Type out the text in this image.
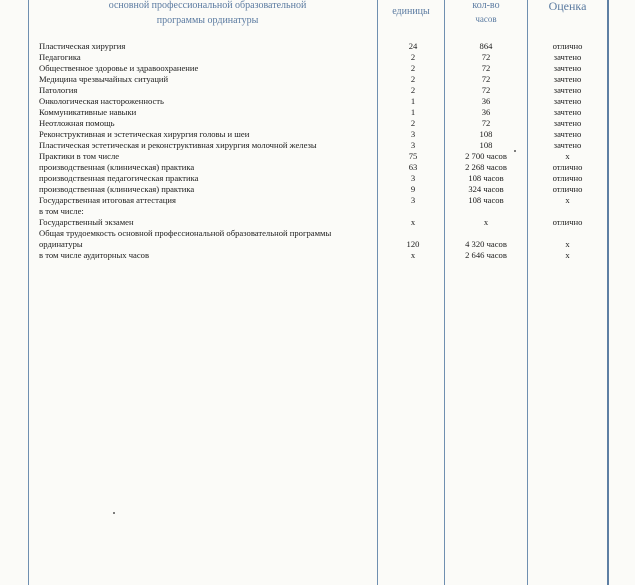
основной профессиональной образовательной
программы ординатуры
единицы
кол-во
часов
Оценка
Пластическая хирургия	24	864	отлично
Педагогика	2	72	зачтено
Общественное здоровье и здравоохранение	2	72	зачтено
Медицина чрезвычайных ситуаций	2	72	зачтено
Патология	2	72	зачтено
Онкологическая настороженность	1	36	зачтено
Коммуникативные навыки	1	36	зачтено
Неотложная помощь	2	72	зачтено
Реконструктивная и эстетическая хирургия головы и шеи	3	108	зачтено
Пластическая эстетическая и реконструктивная хирургия молочной железы	3	108	зачтено
Практики в том числе	75	2 700 часов	х
производственная (клиническая) практика	63	2 268 часов	отлично
производственная педагогическая практика	3	108 часов	отлично
производственная (клиническая) практика	9	324 часов	отлично
Государственная итоговая аттестация	3	108 часов	х
в том числе:
Государственный экзамен	х	х	отлично
Общая трудоемкость основной профессиональной образовательной программы
ординатуры	120	4 320 часов	х
в том числе аудиторных часов	х	2 646 часов	х
